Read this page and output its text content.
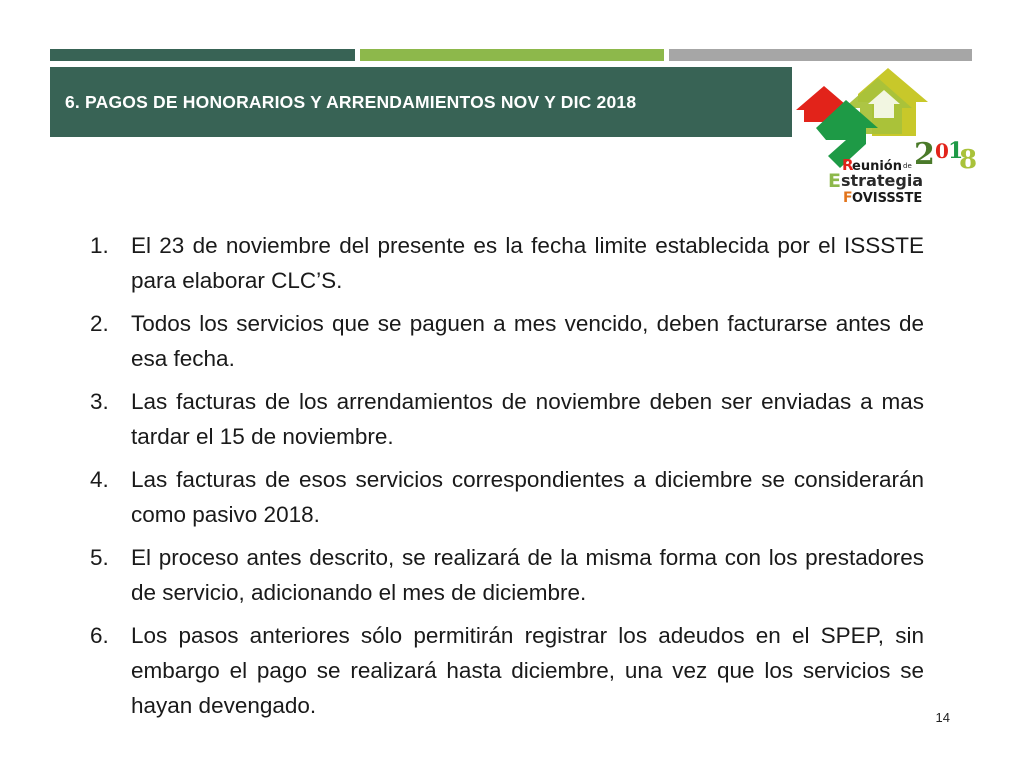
6. PAGOS DE HONORARIOS Y ARRENDAMIENTOS NOV Y DIC 2018
2 0 1
8
R
eunión de
E strategia
F OVISSSTE
1. El 23 de noviembre del presente es la fecha limite establecida por el ISSSTE para elaborar CLC’S.
2. Todos los servicios que se paguen a mes vencido, deben facturarse antes de esa fecha.
3. Las facturas de los arrendamientos de noviembre deben ser enviadas a mas tardar el 15 de noviembre.
4. Las facturas de esos servicios correspondientes a diciembre se considerarán como pasivo 2018.
5. El proceso antes descrito, se realizará de la misma forma con los prestadores de servicio, adicionando el mes de diciembre.
6. Los pasos anteriores sólo permitirán registrar los adeudos en el SPEP, sin embargo el pago se realizará hasta diciembre, una vez que los servicios se hayan devengado.	14
